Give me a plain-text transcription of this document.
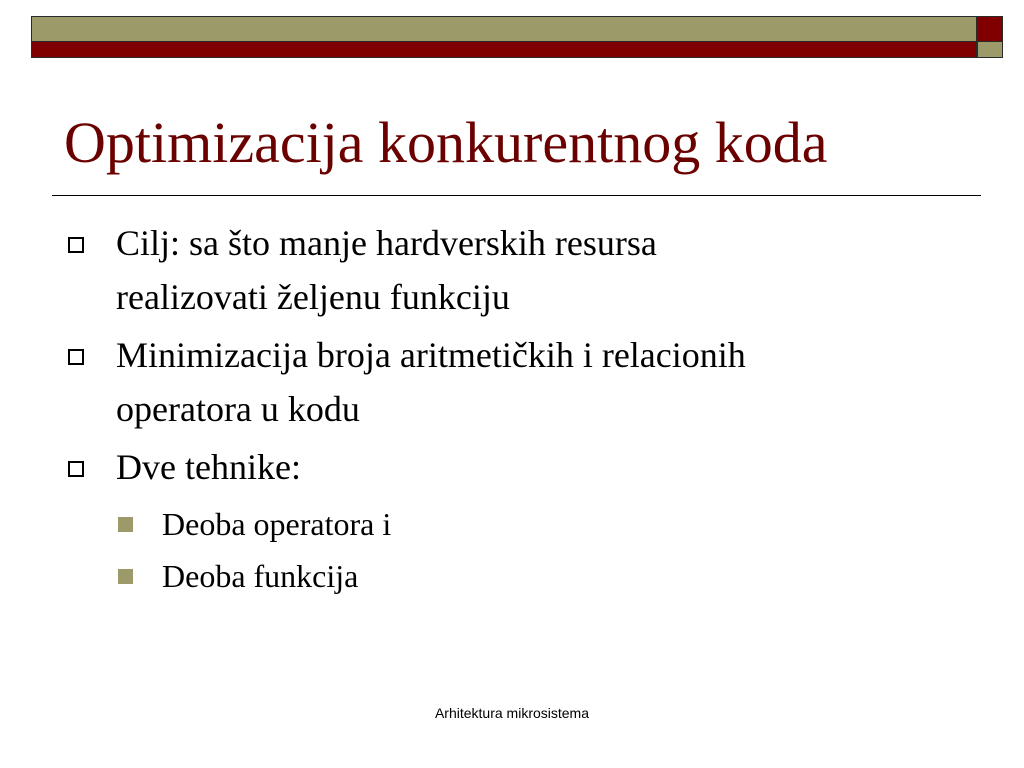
Optimizacija konkurentnog koda
Cilj: sa što manje hardverskih resursa
realizovati željenu funkciju
Minimizacija broja aritmetičkih i relacionih
operatora u kodu
Dve tehnike:
Deoba operatora i
Deoba funkcija
Arhitektura mikrosistema
